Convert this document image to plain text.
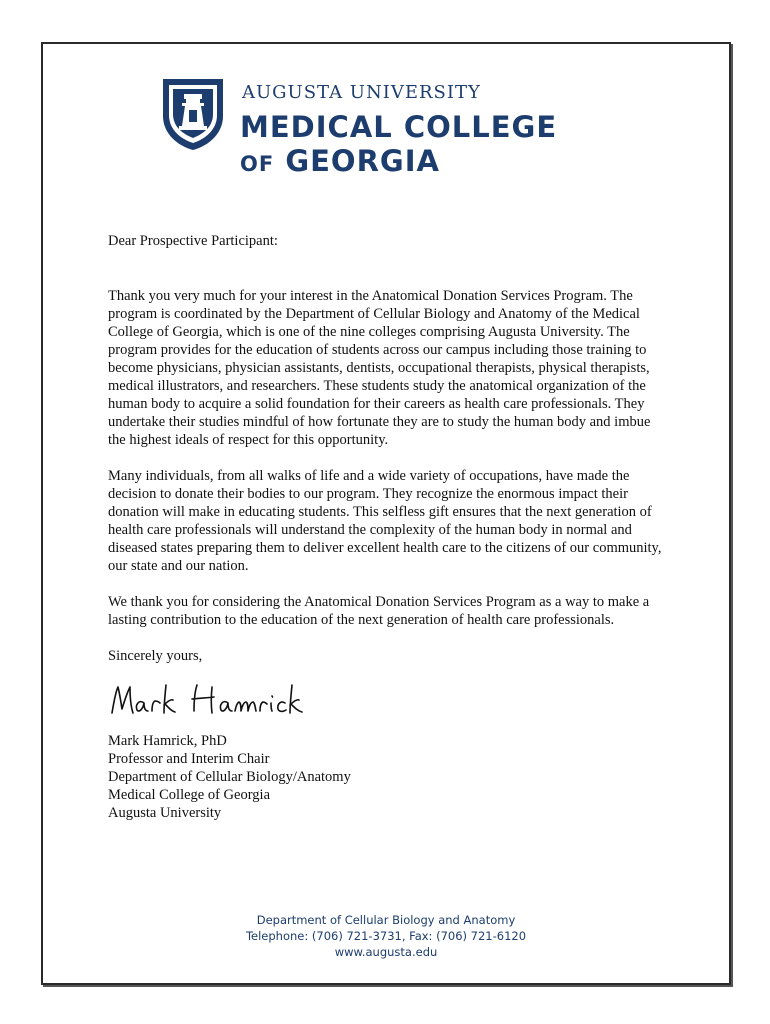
AUGUSTA UNIVERSITY
MEDICAL COLLEGE
OF GEORGIA

Dear Prospective Participant:

Thank you very much for your interest in the Anatomical Donation Services Program. The program is coordinated by the Department of Cellular Biology and Anatomy of the Medical College of Georgia, which is one of the nine colleges comprising Augusta University. The program provides for the education of students across our campus including those training to become physicians, physician assistants, dentists, occupational therapists, physical therapists, medical illustrators, and researchers. These students study the anatomical organization of the human body to acquire a solid foundation for their careers as health care professionals. They undertake their studies mindful of how fortunate they are to study the human body and imbue the highest ideals of respect for this opportunity.

Many individuals, from all walks of life and a wide variety of occupations, have made the decision to donate their bodies to our program. They recognize the enormous impact their donation will make in educating students. This selfless gift ensures that the next generation of health care professionals will understand the complexity of the human body in normal and diseased states preparing them to deliver excellent health care to the citizens of our community, our state and our nation.

We thank you for considering the Anatomical Donation Services Program as a way to make a lasting contribution to the education of the next generation of health care professionals.

Sincerely yours,

Mark Hamrick, PhD

Professor and Interim Chair

Department of Cellular Biology/Anatomy

Medical College of Georgia

Augusta University

Department of Cellular Biology and Anatomy
Telephone: (706) 721-3731, Fax: (706) 721-6120
www.augusta.edu
